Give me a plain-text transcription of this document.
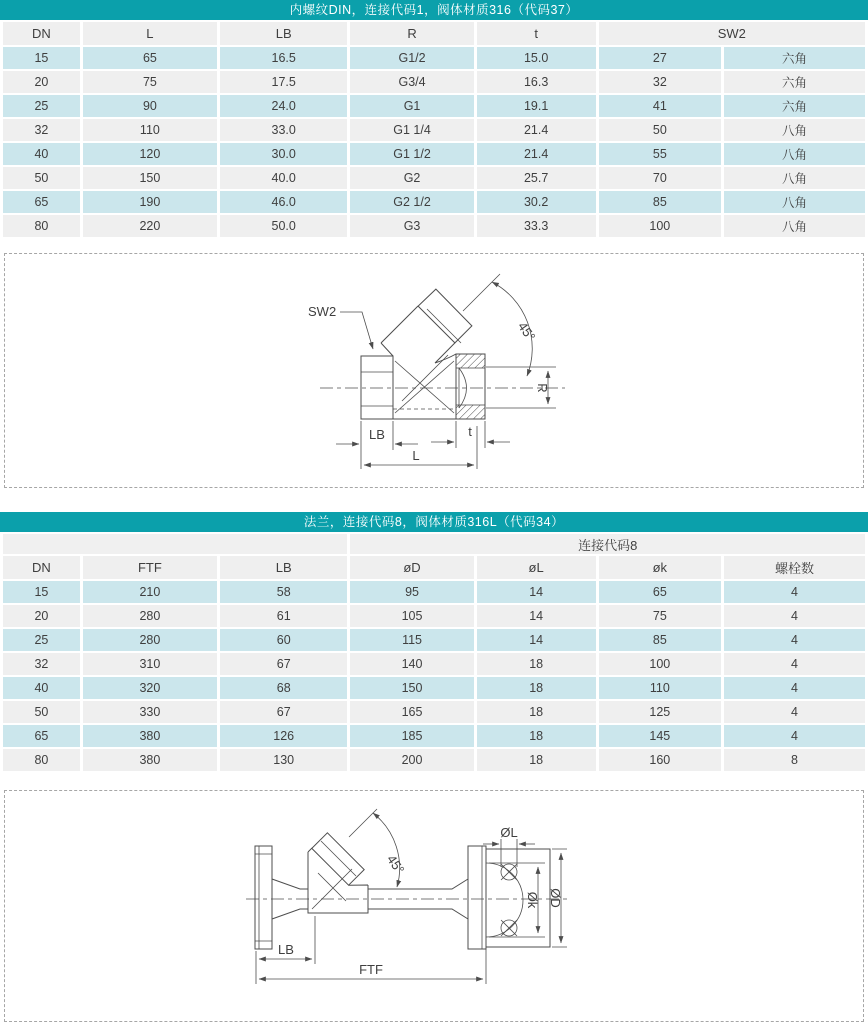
内螺纹DIN，连接代码1，阀体材质316（代码37）
DN	L	LB	R	t	SW2	
15	65	16.5	G1/2	15.0	27	六角
20	75	17.5	G3/4	16.3	32	六角
25	90	24.0	G1	19.1	41	六角
32	110	33.0	G1 1/4	21.4	50	八角
40	120	30.0	G1 1/2	21.4	55	八角
50	150	40.0	G2	25.7	70	八角
65	190	46.0	G2 1/2	30.2	85	八角
80	220	50.0	G3	33.3	100	八角
SW2
45°
R
LB	t
L
法兰，连接代码8，阀体材质316L（代码34）
			连接代码8			
DN	FTF	LB	øD	øL	øk	螺栓数
15	210	58	95	14	65	4
20	280	61	105	14	75	4
25	280	60	115	14	85	4
32	310	67	140	18	100	4
40	320	68	150	18	110	4
50	330	67	165	18	125	4
65	380	126	185	18	145	4
80	380	130	200	18	160	8
ØL
45°
Øk ØD
LB
FTF
